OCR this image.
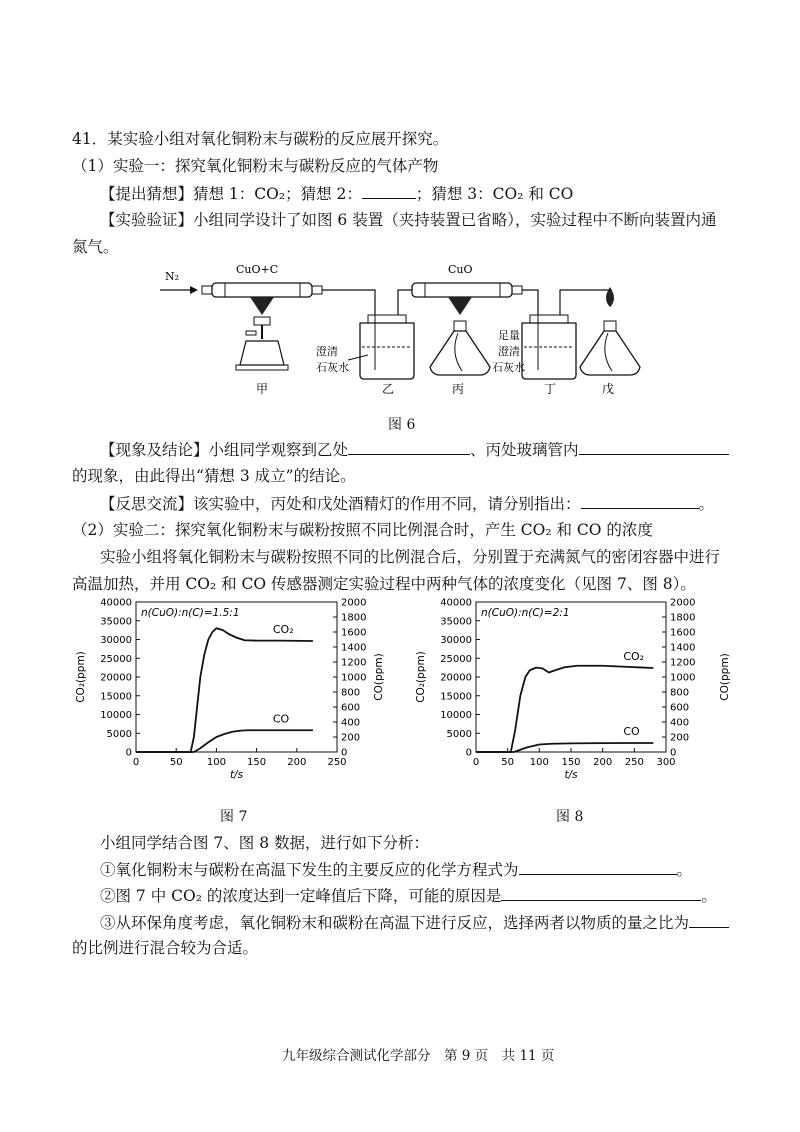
41．某实验小组对氧化铜粉末与碳粉的反应展开探究。
（1）实验一：探究氧化铜粉末与碳粉反应的气体产物
【提出猜想】猜想 1：CO₂；猜想 2：	；猜想 3：CO₂ 和 CO
【实验验证】小组同学设计了如图 6 装置（夹持装置已省略），实验过程中不断向装置内通
氮气。
N₂
CuO+C
甲
澄清
石灰水
乙
CuO
丙
足量
澄清
石灰水
丁	戊
图 6
【现象及结论】小组同学观察到乙处	、丙处玻璃管内
的现象，由此得出“猜想 3 成立”的结论。
【反思交流】该实验中，丙处和戊处酒精灯的作用不同，请分别指出：	。
（2）实验二：探究氧化铜粉末与碳粉按照不同比例混合时，产生 CO₂ 和 CO 的浓度
实验小组将氧化铜粉末与碳粉按照不同的比例混合后，分别置于充满氮气的密闭容器中进行
高温加热，并用 CO₂ 和 CO 传感器测定实验过程中两种气体的浓度变化（见图 7、图 8）。
0
5000
10000
15000
20000
25000
30000
35000
40000
0
200
400
600
800
1000
1200
1400
1600
1800
2000
0	50 100 150 200 250
t/s
CO₂(ppm)	CO(ppm)
n(CuO):n(C)=1.5:1
CO₂
CO
0
5000
10000
15000
20000
25000
30000
35000
40000
0
200
400
600
800
1000
1200
1400
1600
1800
2000
0 50 100 150 200 250 300
t/s
CO₂(ppm)	CO(ppm)
n(CuO):n(C)=2:1
CO₂
CO
图 7	图 8
小组同学结合图 7、图 8 数据，进行如下分析：
①氧化铜粉末与碳粉在高温下发生的主要反应的化学方程式为	。
②图 7 中 CO₂ 的浓度达到一定峰值后下降，可能的原因是	。
③从环保角度考虑，氧化铜粉末和碳粉在高温下进行反应，选择两者以物质的量之比为
的比例进行混合较为合适。
九年级综合测试化学部分　第 9 页　共 11 页
